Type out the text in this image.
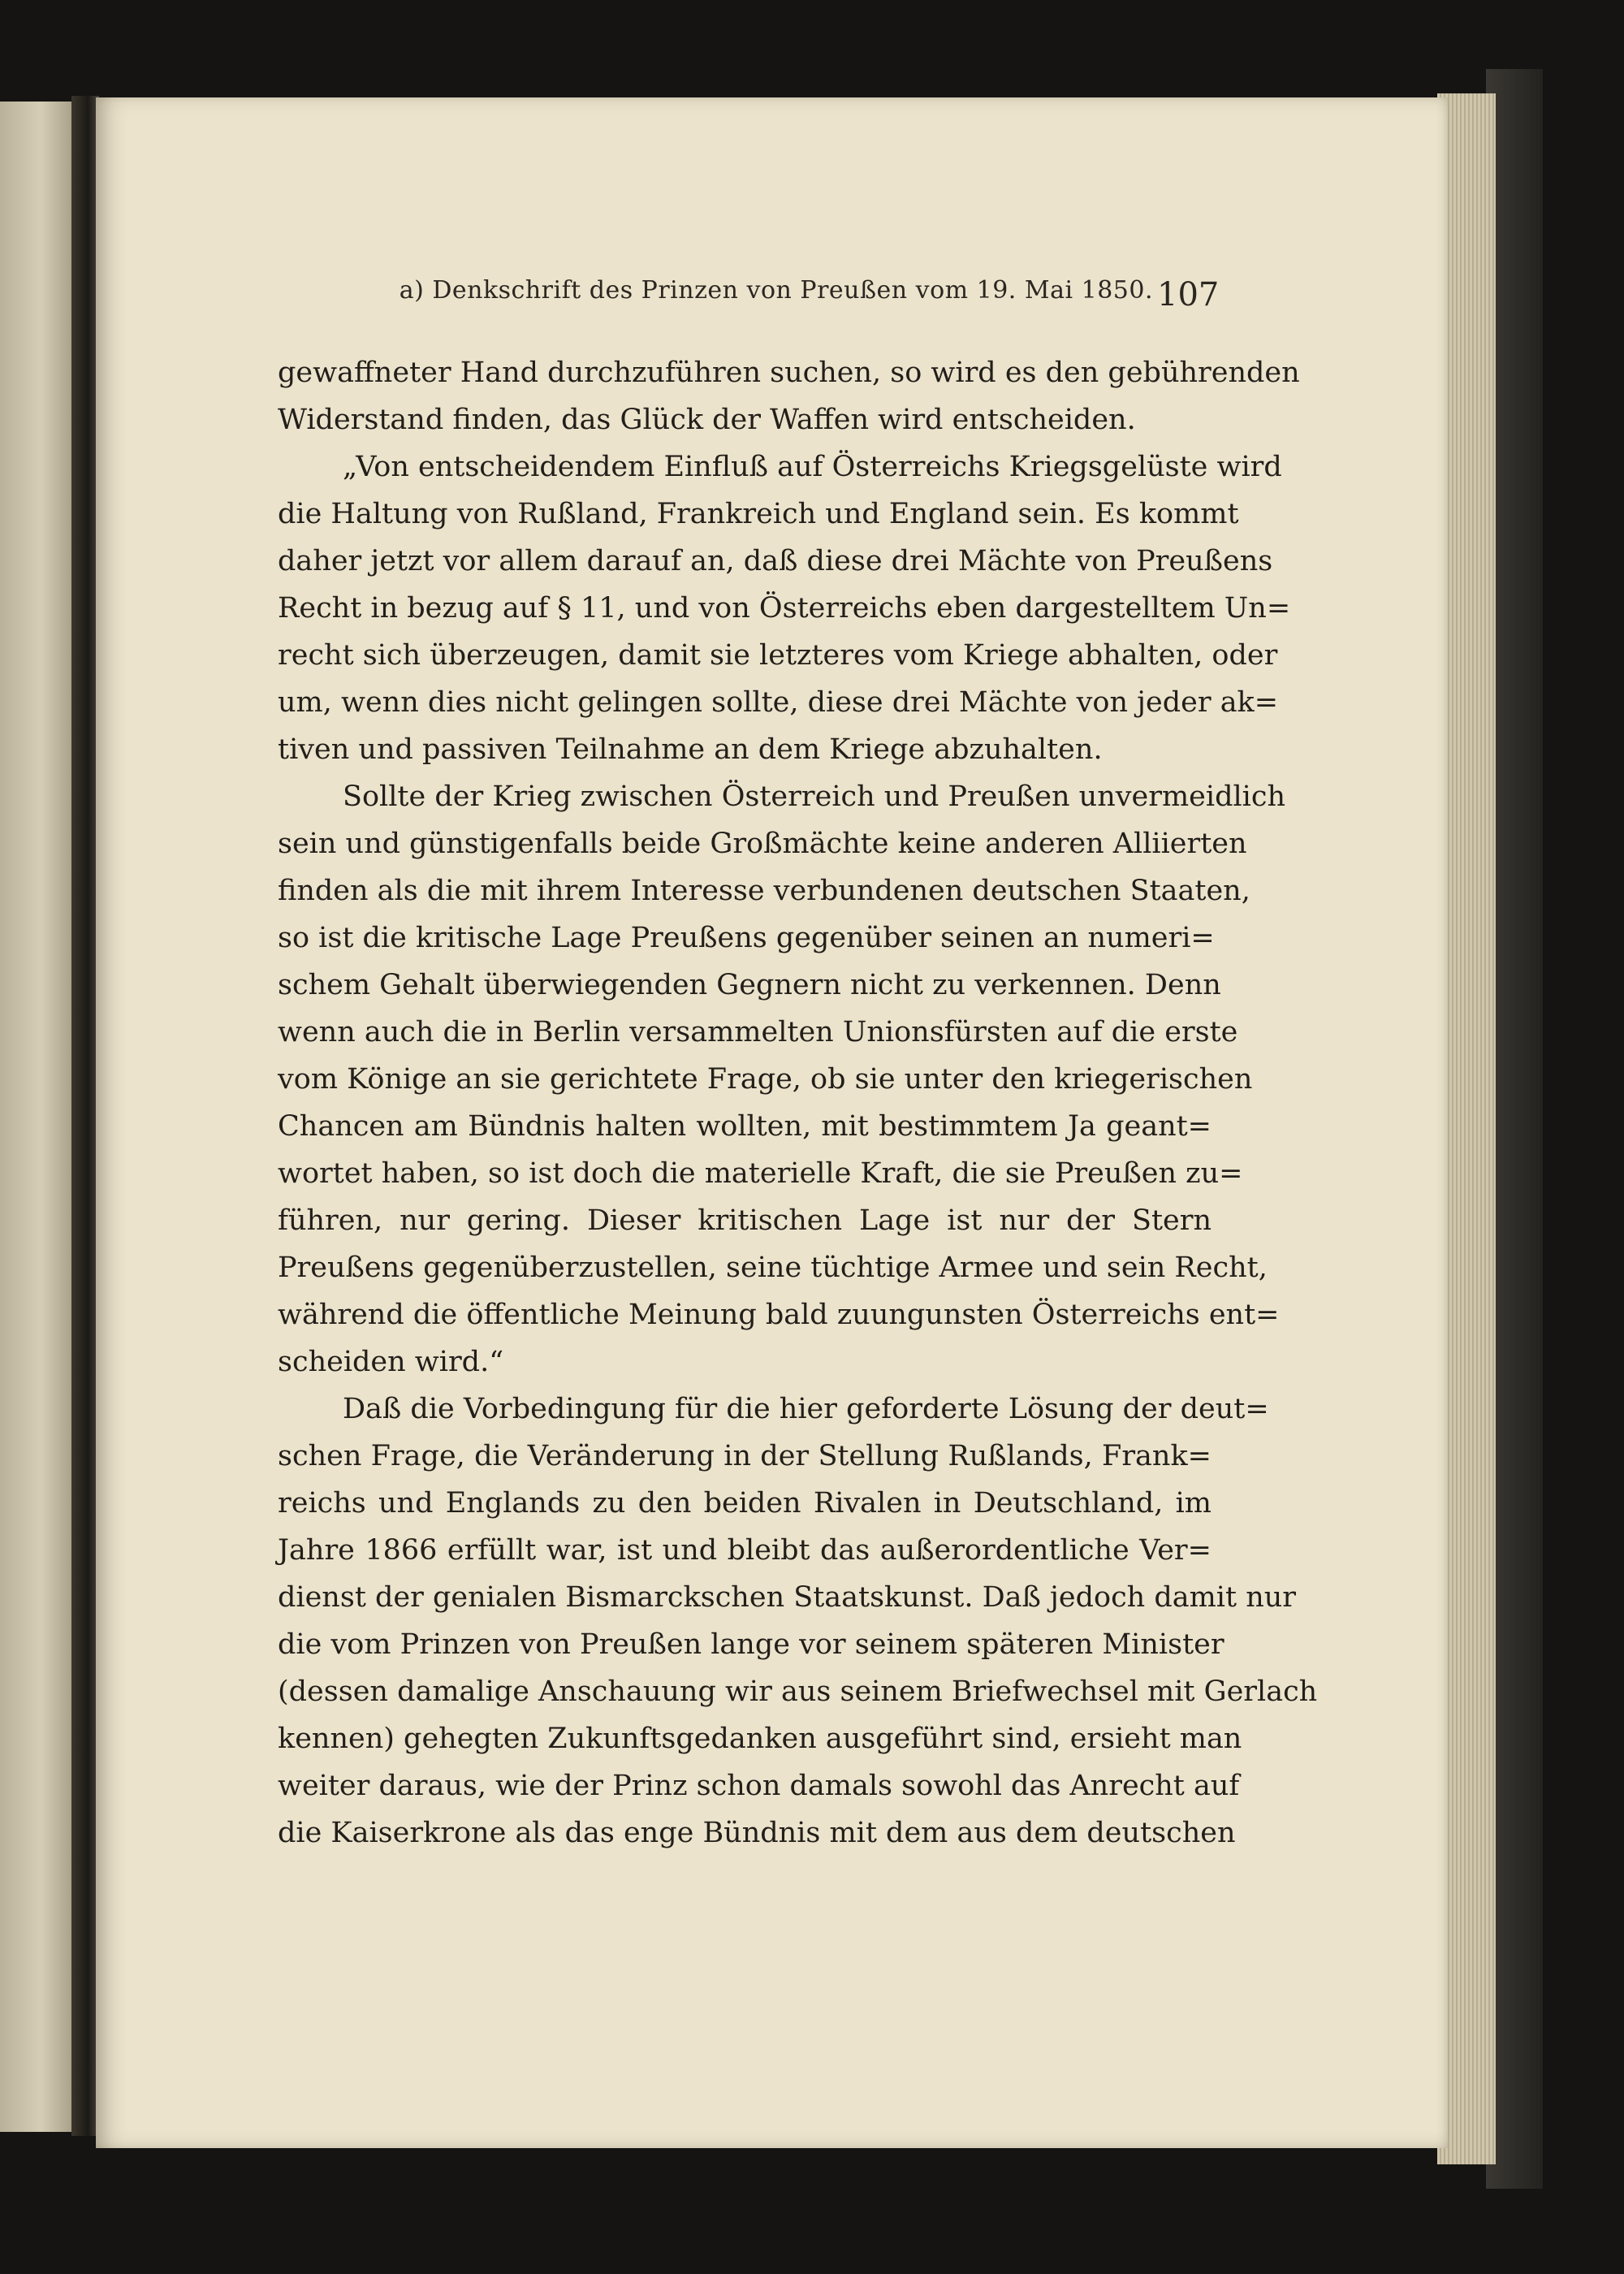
a) Denkschrift des Prinzen von Preußen vom 19. Mai 1850. 107
gewaffneter Hand durchzuführen suchen, so wird es den gebührenden
Widerstand finden, das Glück der Waffen wird entscheiden.
„Von entscheidendem Einfluß auf Österreichs Kriegsgelüste wird
die Haltung von Rußland, Frankreich und England sein. Es kommt
daher jetzt vor allem darauf an, daß diese drei Mächte von Preußens
Recht in bezug auf § 11, und von Österreichs eben dargestelltem Un=
recht sich überzeugen, damit sie letzteres vom Kriege abhalten, oder
um, wenn dies nicht gelingen sollte, diese drei Mächte von jeder ak=
tiven und passiven Teilnahme an dem Kriege abzuhalten.
Sollte der Krieg zwischen Österreich und Preußen unvermeidlich
sein und günstigenfalls beide Großmächte keine anderen Alliierten
finden als die mit ihrem Interesse verbundenen deutschen Staaten,
so ist die kritische Lage Preußens gegenüber seinen an numeri=
schem Gehalt überwiegenden Gegnern nicht zu verkennen. Denn
wenn auch die in Berlin versammelten Unionsfürsten auf die erste
vom Könige an sie gerichtete Frage, ob sie unter den kriegerischen
Chancen am Bündnis halten wollten, mit bestimmtem Ja geant=
wortet haben, so ist doch die materielle Kraft, die sie Preußen zu=
führen, nur gering. Dieser kritischen Lage ist nur der Stern
Preußens gegenüberzustellen, seine tüchtige Armee und sein Recht,
während die öffentliche Meinung bald zuungunsten Österreichs ent=
scheiden wird.“
Daß die Vorbedingung für die hier geforderte Lösung der deut=
schen Frage, die Veränderung in der Stellung Rußlands, Frank=
reichs und Englands zu den beiden Rivalen in Deutschland, im
Jahre 1866 erfüllt war, ist und bleibt das außerordentliche Ver=
dienst der genialen Bismarckschen Staatskunst. Daß jedoch damit nur
die vom Prinzen von Preußen lange vor seinem späteren Minister
(dessen damalige Anschauung wir aus seinem Briefwechsel mit Gerlach
kennen) gehegten Zukunftsgedanken ausgeführt sind, ersieht man
weiter daraus, wie der Prinz schon damals sowohl das Anrecht auf
die Kaiserkrone als das enge Bündnis mit dem aus dem deutschen
